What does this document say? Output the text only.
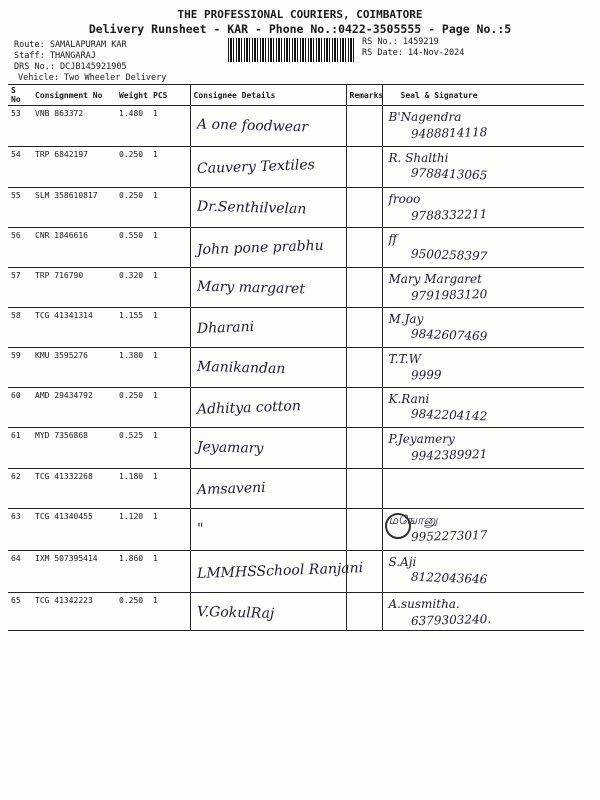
THE PROFESSIONAL COURIERS, COIMBATORE
Delivery Runsheet - KAR - Phone No.:0422-3505555 - Page No.:5
Route: SAMALAPURAM KAR
Staff: THANGARAJ
DRS No.: DCJB145921905
Vehicle: Two Wheeler Delivery
RS No.: 1459219
RS Date: 14-Nov-2024
S No	Consignment No	Weight	PCS	Consignee Details	Remarks	Seal & Signature
53	VNB 863372	1.480	1	A one foodwear		B'Nagendra
9488814118

54	TRP 6842197	0.250	1	Cauvery Textiles		R. Shalthi
9788413065

55	SLM 358610817	0.250	1	Dr.Senthilvelan		frooo
9788332211

56	CNR 1846616	0.550	1	John pone prabhu		ff
9500258397

57	TRP 716790	0.320	1	Mary margaret		Mary Margaret
9791983120

58	TCG 41341314	1.155	1	Dharani		M.Jay
9842607469

59	KMU 3595276	1.380	1	Manikandan		T.T.W
9999

60	AMD 29434792	0.250	1	Adhitya cotton		K.Rani
9842204142

61	MYD 7356868	0.525	1	Jeyamary		P.Jeyamery
9942389921

62	TCG 41332268	1.180	1	Amsaveni		

63	TCG 41340455	1.120	1	"		மஙோனு
9952273017

64	IXM 507395414	1.860	1	LMMHSSchool Ranjani		S.Aji
8122043646

65	TCG 41342223	0.250	1	V.GokulRaj		A.susmitha.
6379303240.
